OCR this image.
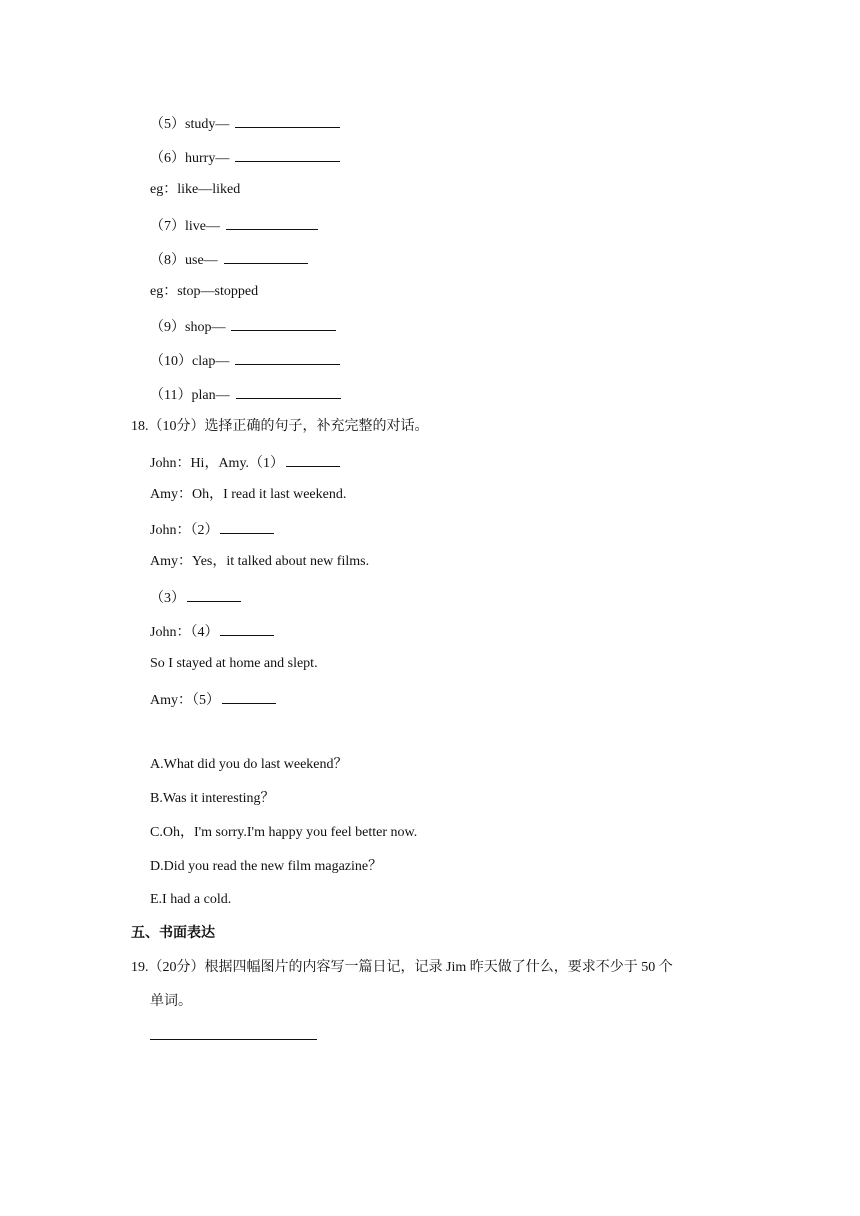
（5）study—
（6）hurry—
eg：like—liked
（7）live—
（8）use—
eg：stop—stopped
（9）shop—
（10）clap—
（11）plan—
18.（10分）选择正确的句子，补充完整的对话。
John：Hi，Amy.（1）
Amy：Oh，I read it last weekend.
John：（2）
Amy：Yes，it talked about new films.
（3）
John：（4）
So I stayed at home and slept.
Amy：（5）
A.What did you do last weekend？
B.Was it interesting？
C.Oh，I'm sorry.I'm happy you feel better now.
D.Did you read the new film magazine？
E.I had a cold.
五、书面表达
19.（20分）根据四幅图片的内容写一篇日记，记录 Jim 昨天做了什么，要求不少于 50 个
单词。
